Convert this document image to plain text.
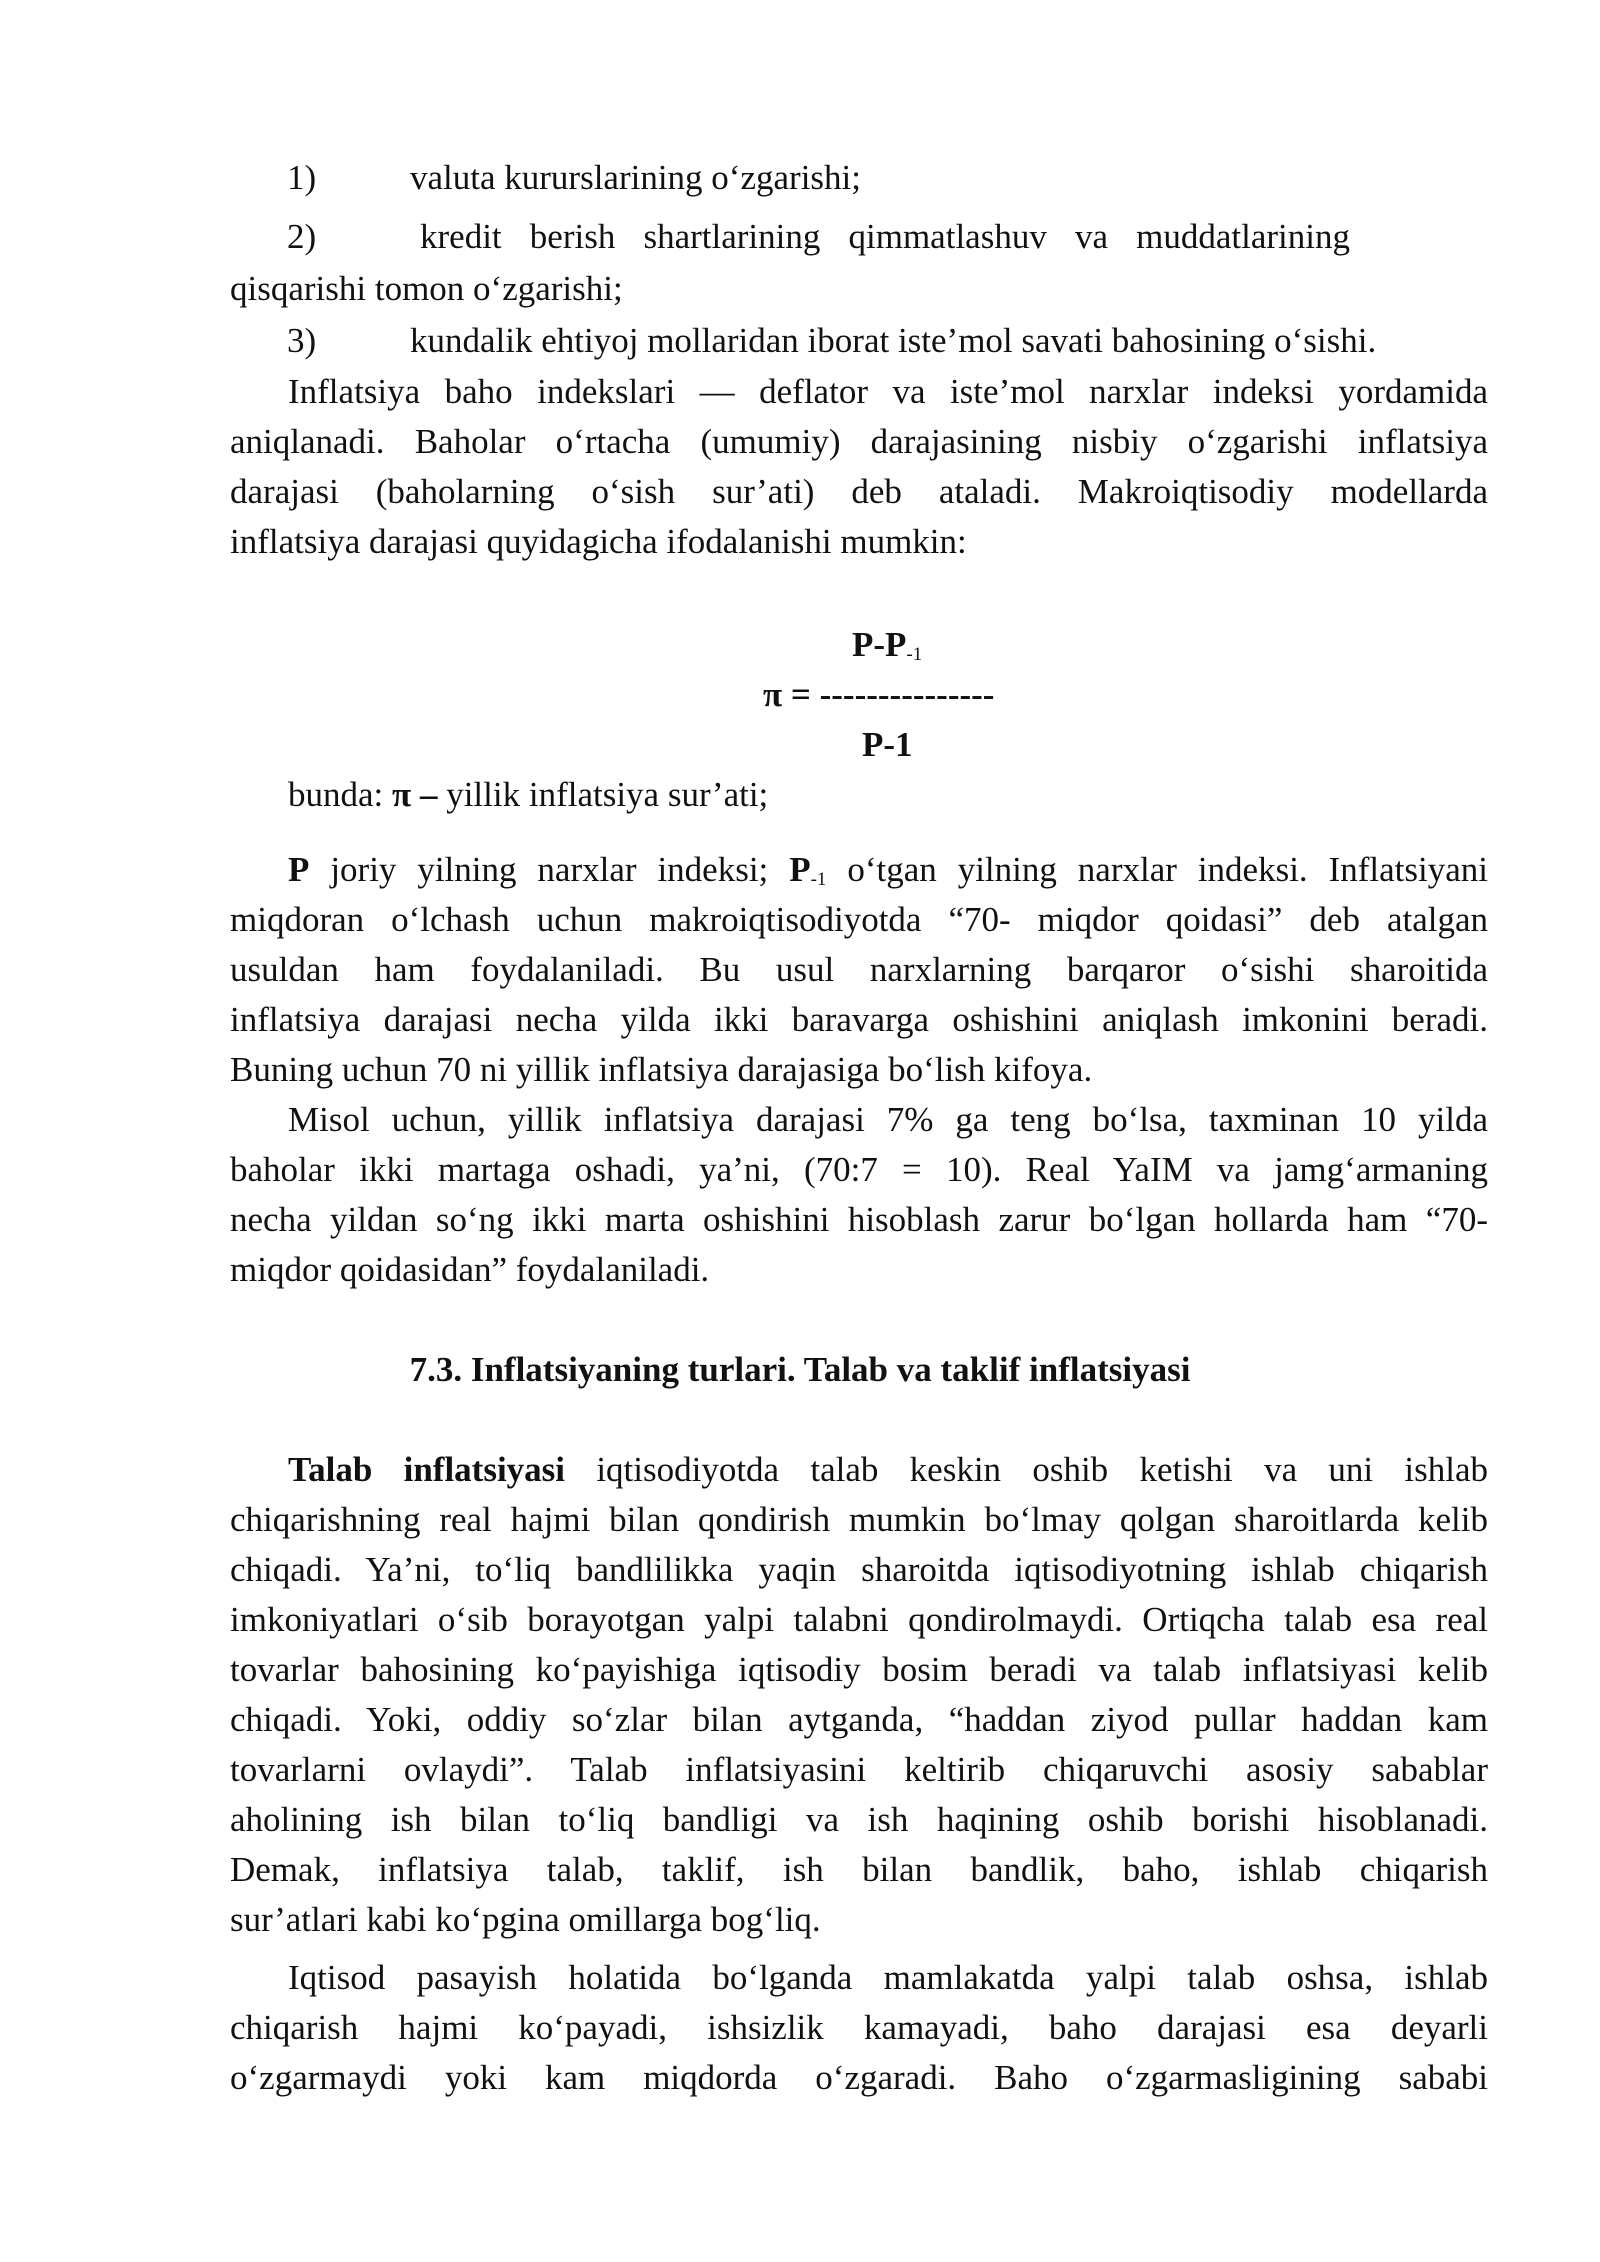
1)	valuta kururslarining o‘zgarishi;
2)	kredit berish shartlarining qimmatlashuv va muddatlarining
qisqarishi tomon o‘zgarishi;
3)	kundalik ehtiyoj mollaridan iborat iste’mol savati bahosining o‘sishi.
Inflatsiya baho indekslari — deflator va iste’mol narxlar indeksi yordamida
aniqlanadi. Baholar o‘rtacha (umumiy) darajasining nisbiy o‘zgarishi inflatsiya
darajasi (baholarning o‘sish sur’ati) deb ataladi. Makroiqtisodiy modellarda
inflatsiya darajasi quyidagicha ifodalanishi mumkin:
$P-P_{-1}$
π = ---------------
P-1
bunda: π – yillik inflatsiya sur’ati;
P joriy yilning narxlar indeksi; $P_{-1}$ o‘tgan yilning narxlar indeksi. Inflatsiyani
miqdoran o‘lchash uchun makroiqtisodiyotda “70- miqdor qoidasi” deb atalgan
usuldan ham foydalaniladi. Bu usul narxlarning barqaror o‘sishi sharoitida
inflatsiya darajasi necha yilda ikki baravarga oshishini aniqlash imkonini beradi.
Buning uchun 70 ni yillik inflatsiya darajasiga bo‘lish kifoya.
Misol uchun, yillik inflatsiya darajasi 7% ga teng bo‘lsa, taxminan 10 yilda
baholar ikki martaga oshadi, ya’ni, (70:7 = 10). Real YaIM va jamg‘armaning
necha yildan so‘ng ikki marta oshishini hisoblash zarur bo‘lgan hollarda ham “70-
miqdor qoidasidan” foydalaniladi.
7.3. Inflatsiyaning turlari. Talab va taklif inflatsiyasi
Talab inflatsiyasi iqtisodiyotda talab keskin oshib ketishi va uni ishlab
chiqarishning real hajmi bilan qondirish mumkin bo‘lmay qolgan sharoitlarda kelib
chiqadi. Ya’ni, to‘liq bandlilikka yaqin sharoitda iqtisodiyotning ishlab chiqarish
imkoniyatlari o‘sib borayotgan yalpi talabni qondirolmaydi. Ortiqcha talab esa real
tovarlar bahosining ko‘payishiga iqtisodiy bosim beradi va talab inflatsiyasi kelib
chiqadi. Yoki, oddiy so‘zlar bilan aytganda, “haddan ziyod pullar haddan kam
tovarlarni ovlaydi”. Talab inflatsiyasini keltirib chiqaruvchi asosiy sabablar
aholining ish bilan to‘liq bandligi va ish haqining oshib borishi hisoblanadi.
Demak, inflatsiya talab, taklif, ish bilan bandlik, baho, ishlab chiqarish
sur’atlari kabi ko‘pgina omillarga bog‘liq.
Iqtisod pasayish holatida bo‘lganda mamlakatda yalpi talab oshsa, ishlab
chiqarish hajmi ko‘payadi, ishsizlik kamayadi, baho darajasi esa deyarli
o‘zgarmaydi yoki kam miqdorda o‘zgaradi. Baho o‘zgarmasligining sababi
